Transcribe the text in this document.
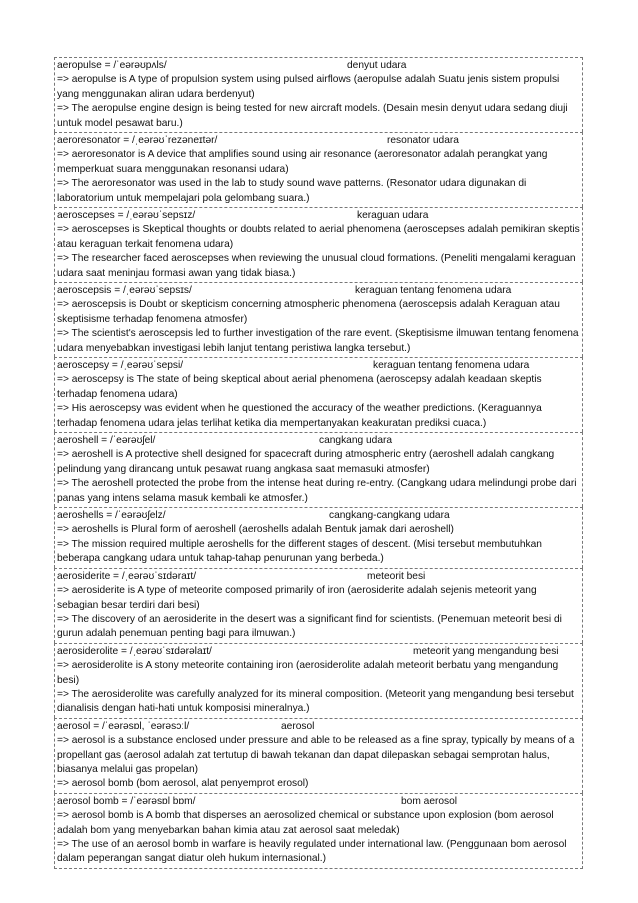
aeropulse = /ˈeərəʊpʌls/	denyut udara
=> aeropulse is A type of propulsion system using pulsed airflows (aeropulse adalah Suatu jenis sistem propulsi yang menggunakan aliran udara berdenyut)
=> The aeropulse engine design is being tested for new aircraft models. (Desain mesin denyut udara sedang diuji untuk model pesawat baru.)
aeroresonator = /ˌeərəʊˈrezəneɪtər/	resonator udara
=> aeroresonator is A device that amplifies sound using air resonance (aeroresonator adalah perangkat yang memperkuat suara menggunakan resonansi udara)
=> The aeroresonator was used in the lab to study sound wave patterns. (Resonator udara digunakan di laboratorium untuk mempelajari pola gelombang suara.)
aeroscepses = /ˌeərəʊˈsepsɪz/	keraguan udara
=> aeroscepses is Skeptical thoughts or doubts related to aerial phenomena (aeroscepses adalah pemikiran skeptis atau keraguan terkait fenomena udara)
=> The researcher faced aeroscepses when reviewing the unusual cloud formations. (Peneliti mengalami keraguan udara saat meninjau formasi awan yang tidak biasa.)
aeroscepsis = /ˌeərəʊˈsepsɪs/	keraguan tentang fenomena udara
=> aeroscepsis is Doubt or skepticism concerning atmospheric phenomena (aeroscepsis adalah Keraguan atau skeptisisme terhadap fenomena atmosfer)
=> The scientist's aeroscepsis led to further investigation of the rare event. (Skeptisisme ilmuwan tentang fenomena udara menyebabkan investigasi lebih lanjut tentang peristiwa langka tersebut.)
aeroscepsy = /ˌeərəʊˈsepsi/	keraguan tentang fenomena udara
=> aeroscepsy is The state of being skeptical about aerial phenomena (aeroscepsy adalah keadaan skeptis terhadap fenomena udara)
=> His aeroscepsy was evident when he questioned the accuracy of the weather predictions. (Keraguannya terhadap fenomena udara jelas terlihat ketika dia mempertanyakan keakuratan prediksi cuaca.)
aeroshell = /ˈeərəʊʃel/	cangkang udara
=> aeroshell is A protective shell designed for spacecraft during atmospheric entry (aeroshell adalah cangkang pelindung yang dirancang untuk pesawat ruang angkasa saat memasuki atmosfer)
=> The aeroshell protected the probe from the intense heat during re-entry. (Cangkang udara melindungi probe dari panas yang intens selama masuk kembali ke atmosfer.)
aeroshells = /ˈeərəʊʃelz/	cangkang-cangkang udara
=> aeroshells is Plural form of aeroshell (aeroshells adalah Bentuk jamak dari aeroshell)
=> The mission required multiple aeroshells for the different stages of descent. (Misi tersebut membutuhkan beberapa cangkang udara untuk tahap-tahap penurunan yang berbeda.)
aerosiderite = /ˌeərəʊˈsɪdəraɪt/	meteorit besi
=> aerosiderite is A type of meteorite composed primarily of iron (aerosiderite adalah sejenis meteorit yang sebagian besar terdiri dari besi)
=> The discovery of an aerosiderite in the desert was a significant find for scientists. (Penemuan meteorit besi di gurun adalah penemuan penting bagi para ilmuwan.)
aerosiderolite = /ˌeərəʊˈsɪdərəlaɪt/	meteorit yang mengandung besi
=> aerosiderolite is A stony meteorite containing iron (aerosiderolite adalah meteorit berbatu yang mengandung besi)
=> The aerosiderolite was carefully analyzed for its mineral composition. (Meteorit yang mengandung besi tersebut dianalisis dengan hati-hati untuk komposisi mineralnya.)
aerosol = /ˈeərəsɒl, ˈeərəsɔːl/	aerosol
=> aerosol is a substance enclosed under pressure and able to be released as a fine spray, typically by means of a propellant gas (aerosol adalah zat tertutup di bawah tekanan dan dapat dilepaskan sebagai semprotan halus, biasanya melalui gas propelan)
=> aerosol bomb (bom aerosol, alat penyemprot erosol)
aerosol bomb = /ˈeərəsɒl bɒm/	bom aerosol
=> aerosol bomb is A bomb that disperses an aerosolized chemical or substance upon explosion (bom aerosol adalah bom yang menyebarkan bahan kimia atau zat aerosol saat meledak)
=> The use of an aerosol bomb in warfare is heavily regulated under international law. (Penggunaan bom aerosol dalam peperangan sangat diatur oleh hukum internasional.)
